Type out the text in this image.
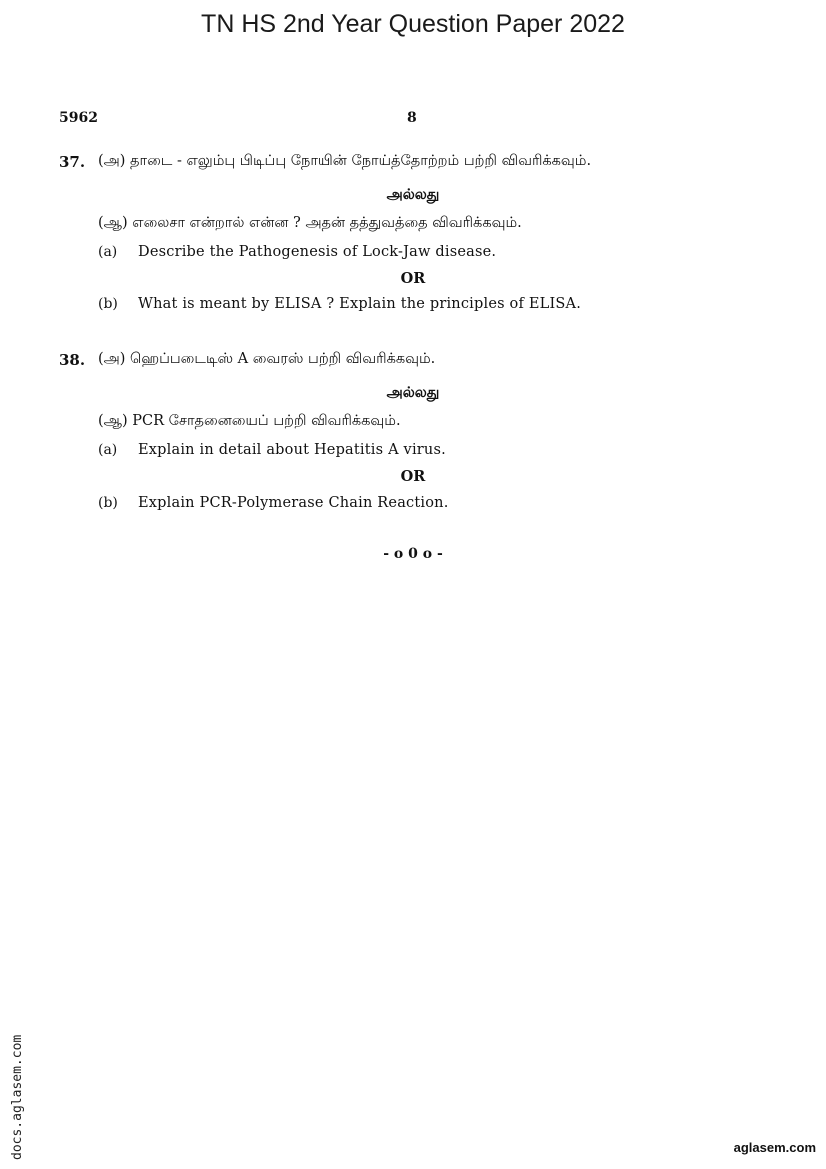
TN HS 2nd Year Question Paper 2022
5962	8
37. (அ) தாடை - எலும்பு பிடிப்பு நோயின் நோய்த்தோற்றம் பற்றி விவரிக்கவும்.
அல்லது
(ஆ) எலைசா என்றால் என்ன ? அதன் தத்துவத்தை விவரிக்கவும்.
(a) Describe the Pathogenesis of Lock-Jaw disease.
OR
(b) What is meant by ELISA ? Explain the principles of ELISA.
38. (அ) ஹெப்படைடிஸ் A வைரஸ் பற்றி விவரிக்கவும்.
அல்லது
(ஆ) PCR சோதனையைப் பற்றி விவரிக்கவும்.
(a) Explain in detail about Hepatitis A virus.
OR
(b) Explain PCR-Polymerase Chain Reaction.
- o 0 o -
docs.aglasem.com	aglasem.com
